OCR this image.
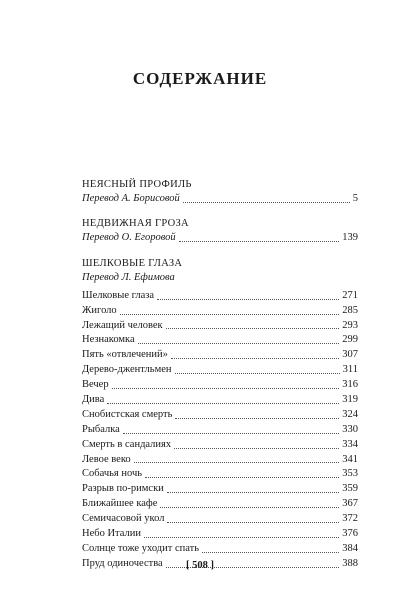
СОДЕРЖАНИЕ
НЕЯСНЫЙ ПРОФИЛЬ
Перевод А. Борисовой	5
НЕДВИЖНАЯ ГРОЗА
Перевод О. Егоровой	139
ШЕЛКОВЫЕ ГЛАЗА
Перевод Л. Ефимова
Шелковые глаза	271
Жиголо	285
Лежащий человек	293
Незнакомка	299
Пять «отвлечений»	307
Дерево-джентльмен	311
Вечер	316
Дива	319
Снобистская смерть	324
Рыбалка	330
Смерть в сандалиях	334
Левое веко	341
Собачья ночь	353
Разрыв по-римски	359
Ближайшее кафе	367
Семичасовой укол	372
Небо Италии	376
Солнце тоже уходит спать	384
Пруд одиночества	388
[ 508 ]
